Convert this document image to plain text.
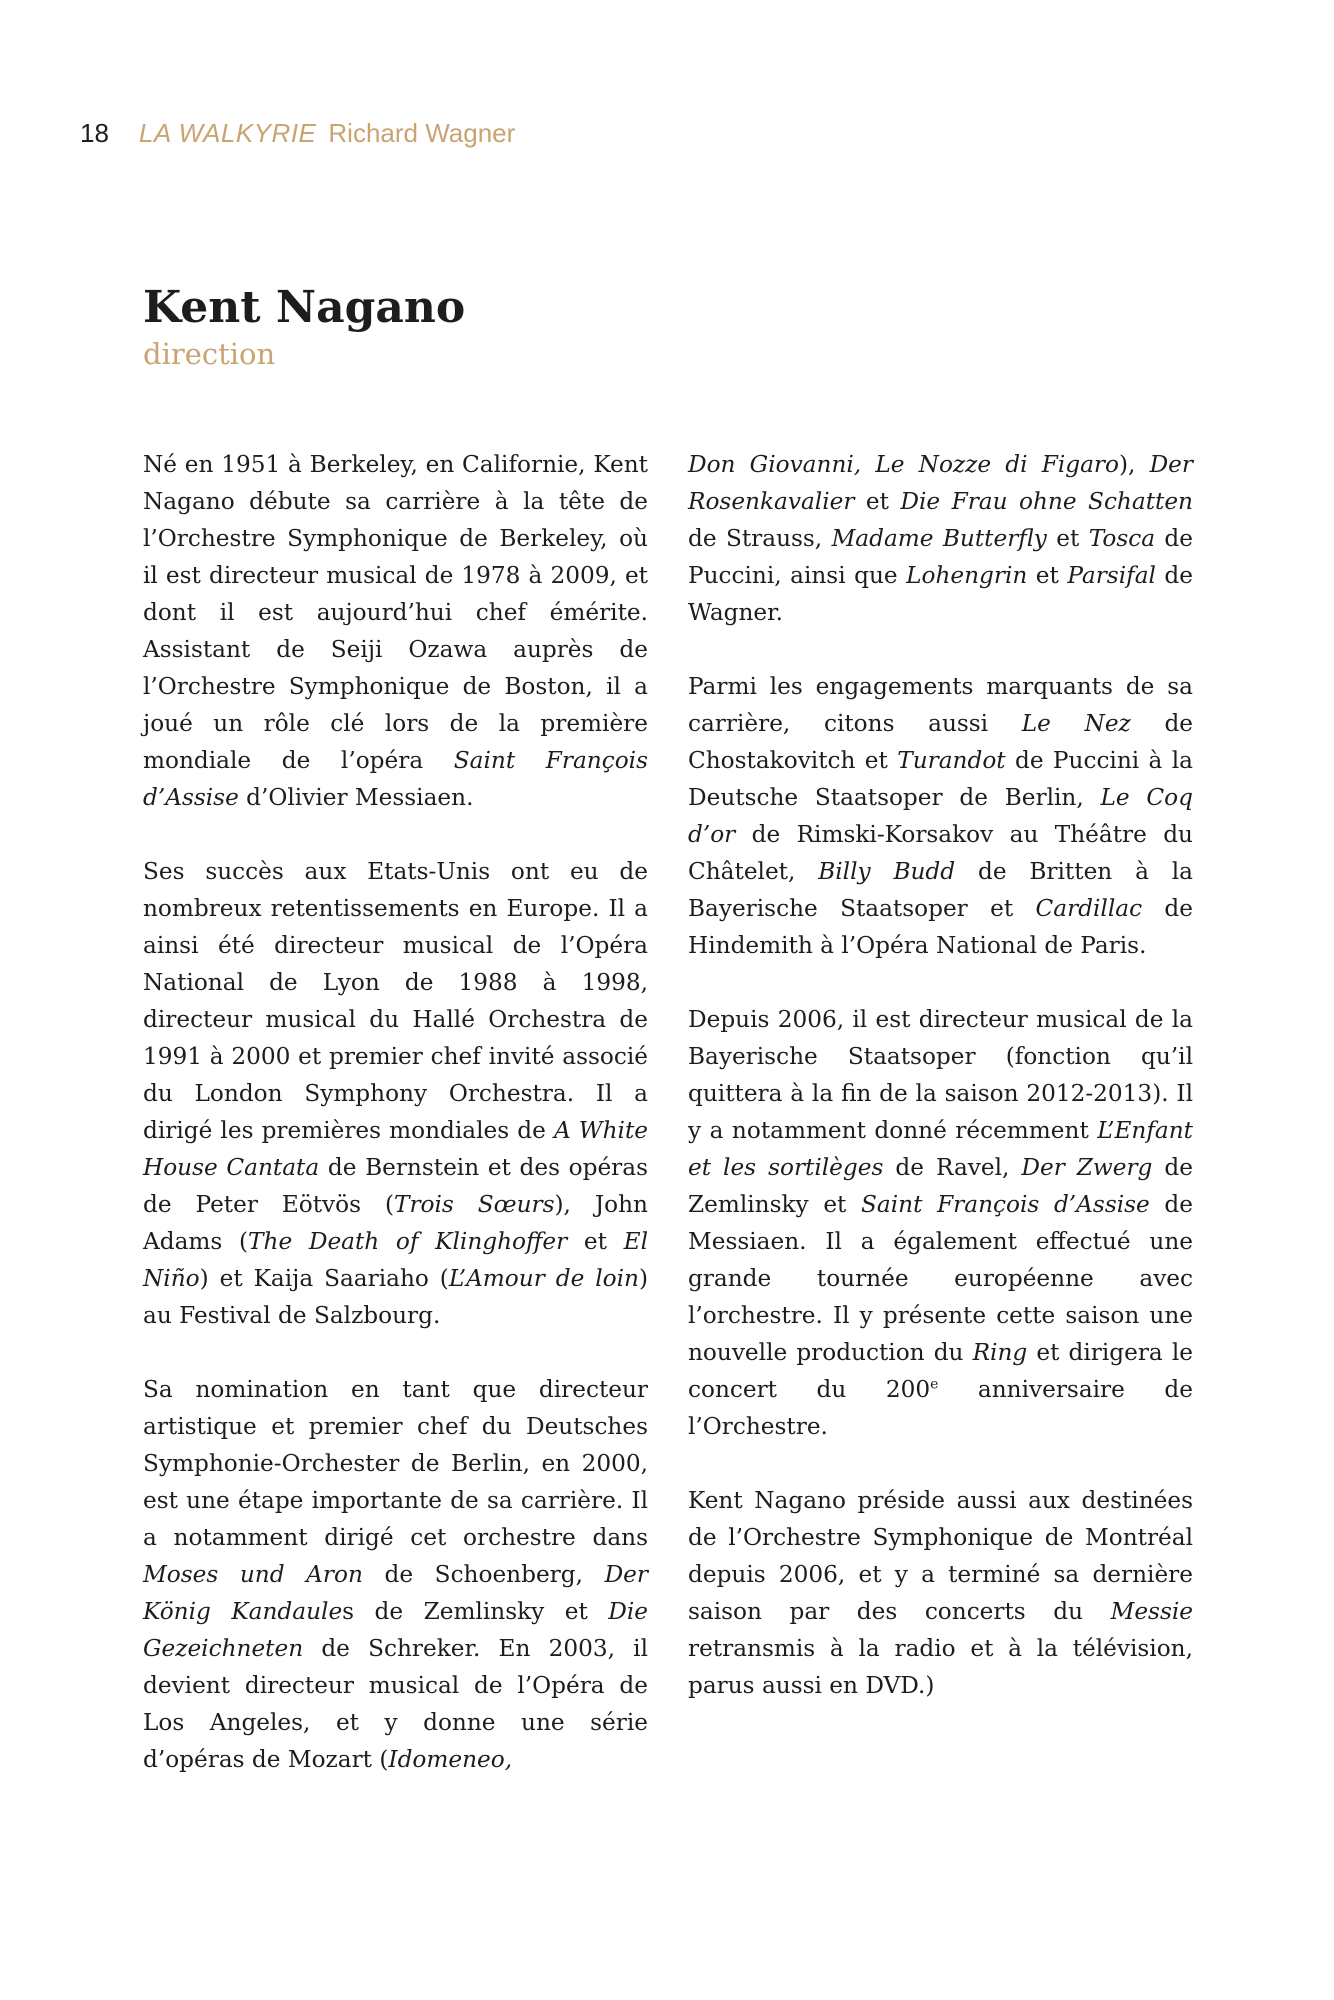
18 LA WALKYRIE Richard Wagner
Kent Nagano

direction

Né en 1951 à Berkeley, en Californie, Kent Nagano débute sa carrière à la tête de l’Orchestre Symphonique de Berkeley, où il est directeur musical de 1978 à 2009, et dont il est aujourd’hui chef émérite. Assistant de Seiji Ozawa auprès de l’Orchestre Symphonique de Boston, il a joué un rôle clé lors de la première mondiale de l’opéra Saint François d’Assise d’Olivier Messiaen.

Ses succès aux Etats-Unis ont eu de nombreux retentissements en Europe. Il a ainsi été directeur musical de l’Opéra National de Lyon de 1988 à 1998, directeur musical du Hallé Orchestra de 1991 à 2000 et premier chef invité associé du London Symphony Orchestra. Il a dirigé les premières mondiales de A White House Cantata de Bernstein et des opéras de Peter Eötvös (Trois Sœurs), John Adams (The Death of Klinghoffer et El Niño) et Kaija Saariaho (L’Amour de loin) au Festival de Salzbourg.

Sa nomination en tant que directeur artistique et premier chef du Deutsches Symphonie-Orchester de Berlin, en 2000, est une étape importante de sa carrière. Il a notamment dirigé cet orchestre dans Moses und Aron de Schoenberg, Der König Kandaules de Zemlinsky et Die Gezeichneten de Schreker. En 2003, il devient directeur musical de l’Opéra de Los Angeles, et y donne une série d’opéras de Mozart (Idomeneo,

Don Giovanni, Le Nozze di Figaro), Der Rosenkavalier et Die Frau ohne Schatten de Strauss, Madame Butterfly et Tosca de Puccini, ainsi que Lohengrin et Parsifal de Wagner.

Parmi les engagements marquants de sa carrière, citons aussi Le Nez de Chostakovitch et Turandot de Puccini à la Deutsche Staatsoper de Berlin, Le Coq d’or de Rimski-Korsakov au Théâtre du Châtelet, Billy Budd de Britten à la Bayerische Staatsoper et Cardillac de Hindemith à l’Opéra National de Paris.

Depuis 2006, il est directeur musical de la Bayerische Staatsoper (fonction qu’il quittera à la fin de la saison 2012-2013). Il y a notamment donné récemment L’Enfant et les sortilèges de Ravel, Der Zwerg de Zemlinsky et Saint François d’Assise de Messiaen. Il a également effectué une grande tournée européenne avec l’orchestre. Il y présente cette saison une nouvelle production du Ring et dirigera le concert du 200e anniversaire de l’Orchestre.

Kent Nagano préside aussi aux destinées de l’Orchestre Symphonique de Montréal depuis 2006, et y a terminé sa dernière saison par des concerts du Messie retransmis à la radio et à la télévision, parus aussi en DVD.)
